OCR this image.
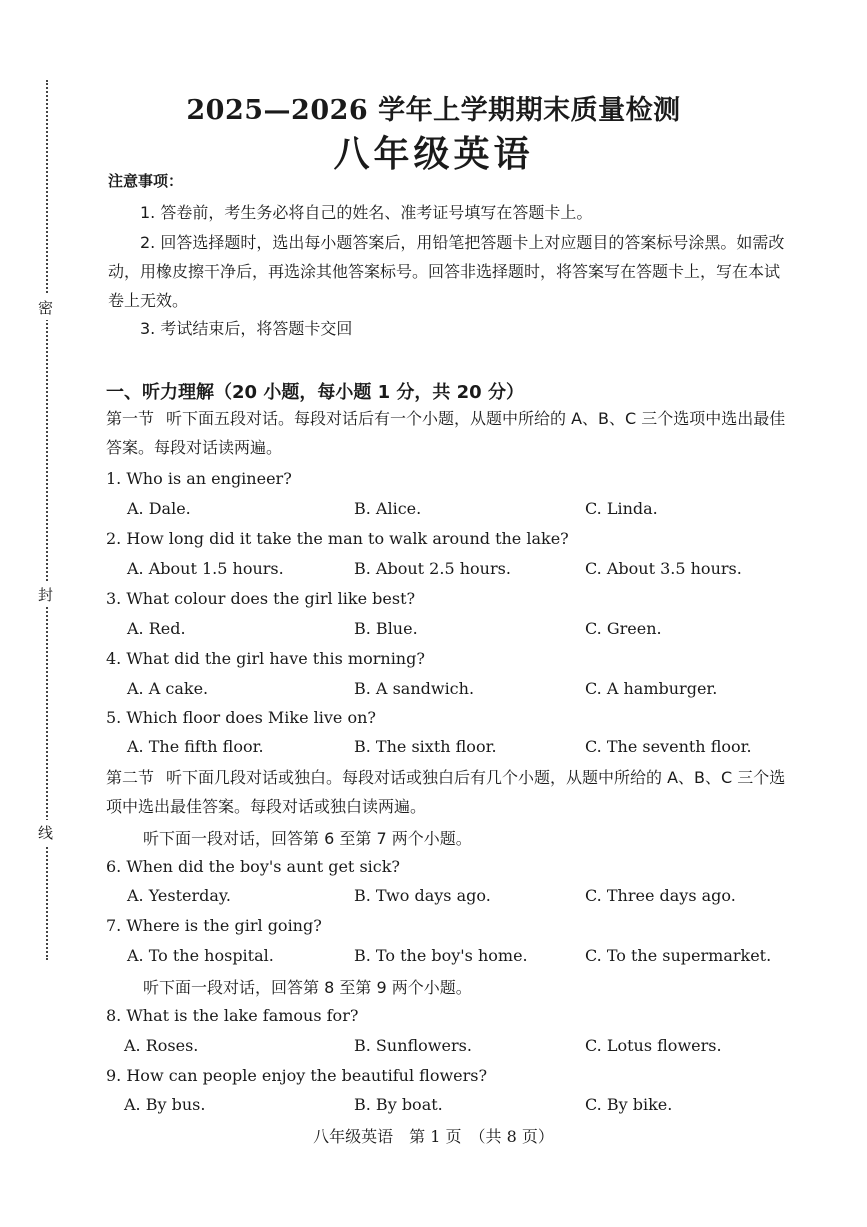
密
封
线
2025—2026 学年上学期期末质量检测
八年级英语
注意事项：
1. 答卷前，考生务必将自己的姓名、准考证号填写在答题卡上。
2. 回答选择题时，选出每小题答案后，用铅笔把答题卡上对应题目的答案标号涂黑。如需改动，用橡皮擦干净后，再选涂其他答案标号。回答非选择题时，将答案写在答题卡上，写在本试卷上无效。
3. 考试结束后，将答题卡交回
一、听力理解（20 小题，每小题 1 分，共 20 分）
第一节 听下面五段对话。每段对话后有一个小题，从题中所给的 A、B、C 三个选项中选出最佳答案。每段对话读两遍。
1. Who is an engineer?
A. Dale.	B. Alice.	C. Linda.
2. How long did it take the man to walk around the lake?
A. About 1.5 hours.	B. About 2.5 hours.	C. About 3.5 hours.
3. What colour does the girl like best?
A. Red.	B. Blue.	C. Green.
4. What did the girl have this morning?
A. A cake.	B. A sandwich.	C. A hamburger.
5. Which floor does Mike live on?
A. The fifth floor.	B. The sixth floor.	C. The seventh floor.
第二节 听下面几段对话或独白。每段对话或独白后有几个小题，从题中所给的 A、B、C 三个选项中选出最佳答案。每段对话或独白读两遍。
听下面一段对话，回答第 6 至第 7 两个小题。
6. When did the boy's aunt get sick?
A. Yesterday.	B. Two days ago.	C. Three days ago.
7. Where is the girl going?
A. To the hospital.	B. To the boy's home.	C. To the supermarket.
听下面一段对话，回答第 8 至第 9 两个小题。
8. What is the lake famous for?
A. Roses.	B. Sunflowers.	C. Lotus flowers.
9. How can people enjoy the beautiful flowers?
A. By bus.	B. By boat.	C. By bike.
八年级英语　第 1 页　（共 8 页）
